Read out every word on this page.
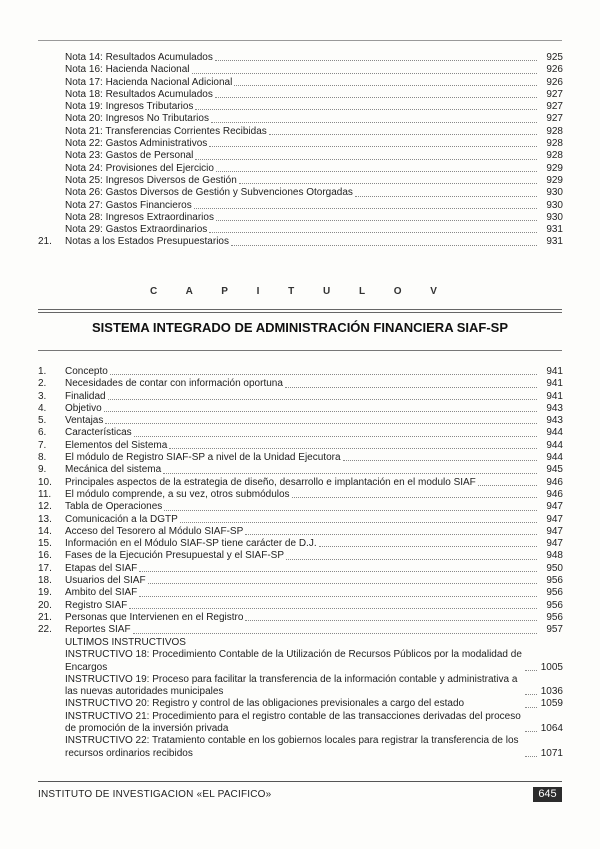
Nota 14: Resultados Acumulados	925
Nota 16: Hacienda Nacional	926
Nota 17: Hacienda Nacional Adicional	926
Nota 18: Resultados Acumulados	927
Nota 19: Ingresos Tributarios	927
Nota 20: Ingresos No Tributarios	927
Nota 21: Transferencias Corrientes Recibidas	928
Nota 22: Gastos Administrativos	928
Nota 23: Gastos de Personal	928
Nota 24: Provisiones del Ejercicio	929
Nota 25: Ingresos Diversos de Gestión	929
Nota 26: Gastos Diversos de Gestión y Subvenciones Otorgadas	930
Nota 27: Gastos Financieros	930
Nota 28: Ingresos Extraordinarios	930
Nota 29: Gastos Extraordinarios	931
21.	Notas a los Estados Presupuestarios	931
C A P I T U L O V
SISTEMA INTEGRADO DE ADMINISTRACIÓN FINANCIERA SIAF-SP
1.	Concepto	941
2.	Necesidades de contar con información oportuna	941
3.	Finalidad	941
4.	Objetivo	943
5.	Ventajas	943
6.	Características	944
7.	Elementos del Sistema	944
8.	El módulo de Registro SIAF-SP a nivel de la Unidad Ejecutora	944
9.	Mecánica del sistema	945
10.	Principales aspectos de la estrategia de diseño, desarrollo e implantación en el modulo SIAF	946
11.	El módulo comprende, a su vez, otros submódulos	946
12.	Tabla de Operaciones	947
13.	Comunicación a la DGTP	947
14.	Acceso del Tesorero al Módulo SIAF-SP	947
15.	Información en el Módulo SIAF-SP tiene carácter de D.J.	947
16.	Fases de la Ejecución Presupuestal y el SIAF-SP	948
17.	Etapas del SIAF	950
18.	Usuarios del SIAF	956
19.	Ambito del SIAF	956
20.	Registro SIAF	956
21.	Personas que Intervienen en el Registro	956
22.	Reportes SIAF	957
ULTIMOS INSTRUCTIVOS
INSTRUCTIVO 18: Procedimiento Contable de la Utilización de Recursos Públicos por la modalidad de Encargos	1005
INSTRUCTIVO 19: Proceso para facilitar la transferencia de la información contable y administrativa a las nuevas autoridades municipales	1036
INSTRUCTIVO 20: Registro y control de las obligaciones previsionales a cargo del estado	1059
INSTRUCTIVO 21: Procedimiento para el registro contable de las transacciones derivadas del proceso de promoción de la inversión privada	1064
INSTRUCTIVO 22: Tratamiento contable en los gobiernos locales para registrar la transferencia de los recursos ordinarios recibidos	1071
INSTITUTO DE INVESTIGACION «EL PACIFICO»	645
